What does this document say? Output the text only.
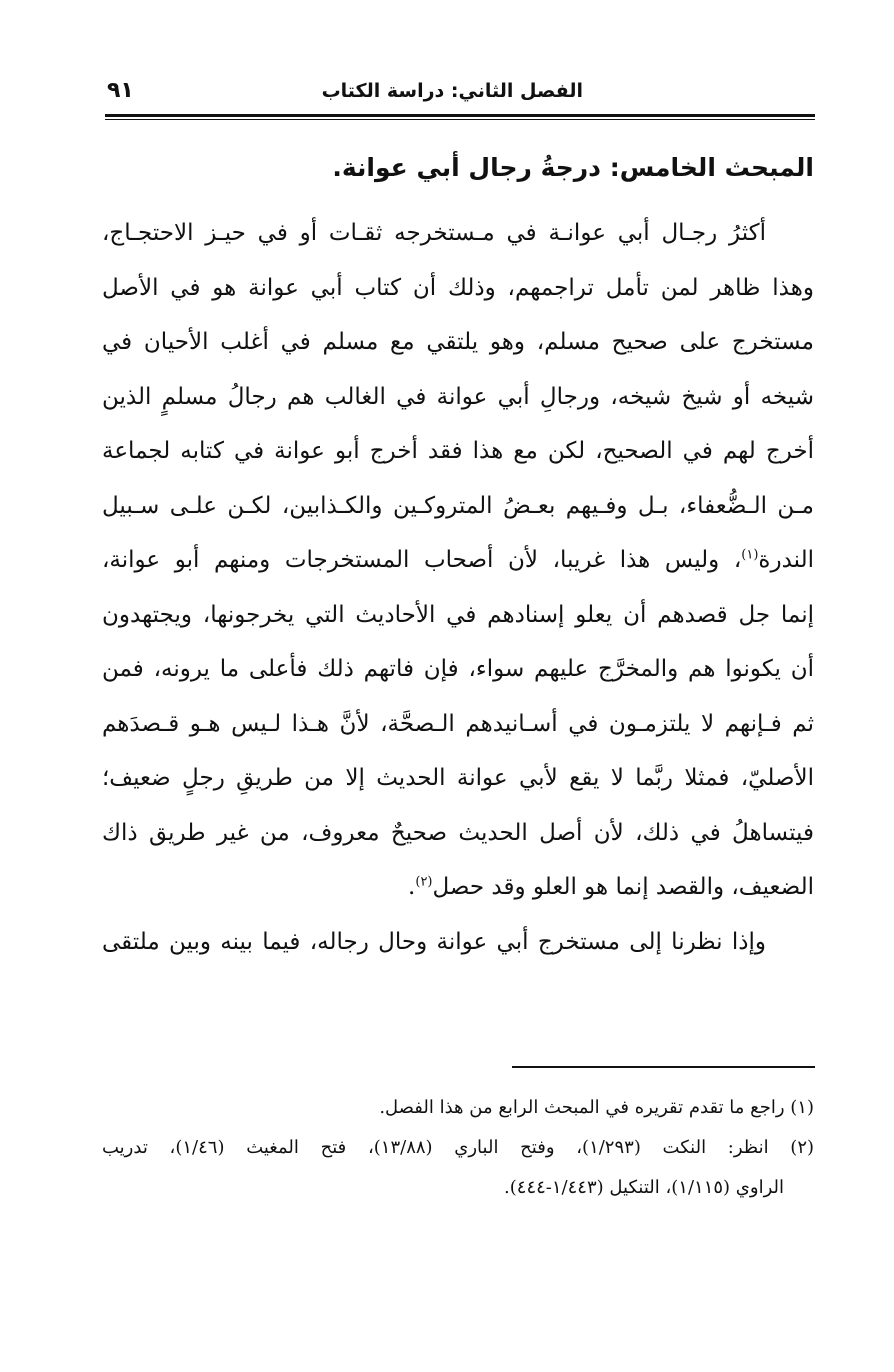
الفصل الثاني: دراسة الكتاب
٩١
المبحث الخامس: درجةُ رجال أبي عوانة.
أكثرُ رجـال أبي عوانـة في مـستخرجه ثقـات أو في حيـز الاحتجـاج،
وهذا ظاهر لمن تأمل تراجمهم، وذلك أن كتاب أبي عوانة هو في الأصل
مستخرج على صحيح مسلم، وهو يلتقي مع مسلم في أغلب الأحيان في
شيخه أو شيخ شيخه، ورجالِ أبي عوانة في الغالب هم رجالُ مسلمٍ الذين
أخرج لهم في الصحيح، لكن مع هذا فقد أخرج أبو عوانة في كتابه لجماعة
مـن الـضُّعفاء، بـل وفـيهم بعـضُ المتروكـين والكـذابين، لكـن علـى سـبيل
الندرة$^{(١)}$، وليس هذا غريبا، لأن أصحاب المستخرجات ومنهم أبو عوانة،
إنما جل قصدهم أن يعلو إسنادهم في الأحاديث التي يخرجونها، ويجتهدون
أن يكونوا هم والمخرَّج عليهم سواء، فإن فاتهم ذلك فأعلى ما يرونه، فمن
ثم فـإنهم لا يلتزمـون في أسـانيدهم الـصحَّة، لأنَّ هـذا لـيس هـو قـصدَهم
الأصليّ، فمثلا ربَّما لا يقع لأبي عوانة الحديث إلا من طريقِ رجلٍ ضعيف؛
فيتساهلُ في ذلك، لأن أصل الحديث صحيحٌ معروف، من غير طريق ذاك
الضعيف، والقصد إنما هو العلو وقد حصل$^{(٢)}$.
وإذا نظرنا إلى مستخرج أبي عوانة وحال رجاله، فيما بينه وبين ملتقى
(١) راجع ما تقدم تقريره في المبحث الرابع من هذا الفصل.
(٢) انظر: النكت (١/٢٩٣)، وفتح الباري (١٣/٨٨)، فتح المغيث (١/٤٦)، تدريب
الراوي (١/١١٥)، التنكيل (١/٤٤٣-٤٤٤).
